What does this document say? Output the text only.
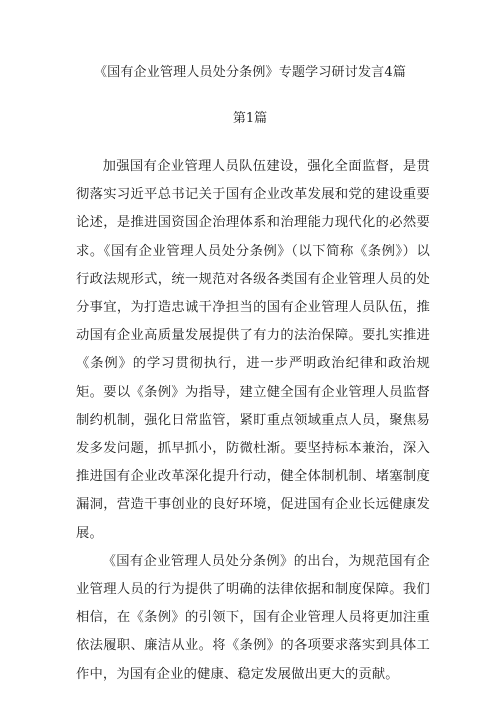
《国有企业管理人员处分条例》专题学习研讨发言4篇
第1篇

加强国有企业管理人员队伍建设，强化全面监督，是贯彻落实习近平总书记关于国有企业改革发展和党的建设重要论述，是推进国资国企治理体系和治理能力现代化的必然要求。《国有企业管理人员处分条例》（以下简称《条例》）以行政法规形式，统一规范对各级各类国有企业管理人员的处分事宜，为打造忠诚干净担当的国有企业管理人员队伍，推动国有企业高质量发展提供了有力的法治保障。要扎实推进《条例》的学习贯彻执行，进一步严明政治纪律和政治规矩。要以《条例》为指导，建立健全国有企业管理人员监督制约机制，强化日常监管，紧盯重点领域重点人员，聚焦易发多发问题，抓早抓小，防微杜渐。要坚持标本兼治，深入推进国有企业改革深化提升行动，健全体制机制、堵塞制度漏洞，营造干事创业的良好环境，促进国有企业长远健康发展。

《国有企业管理人员处分条例》的出台，为规范国有企业管理人员的行为提供了明确的法律依据和制度保障。我们相信，在《条例》的引领下，国有企业管理人员将更加注重依法履职、廉洁从业。将《条例》的各项要求落实到具体工作中，为国有企业的健康、稳定发展做出更大的贡献。
